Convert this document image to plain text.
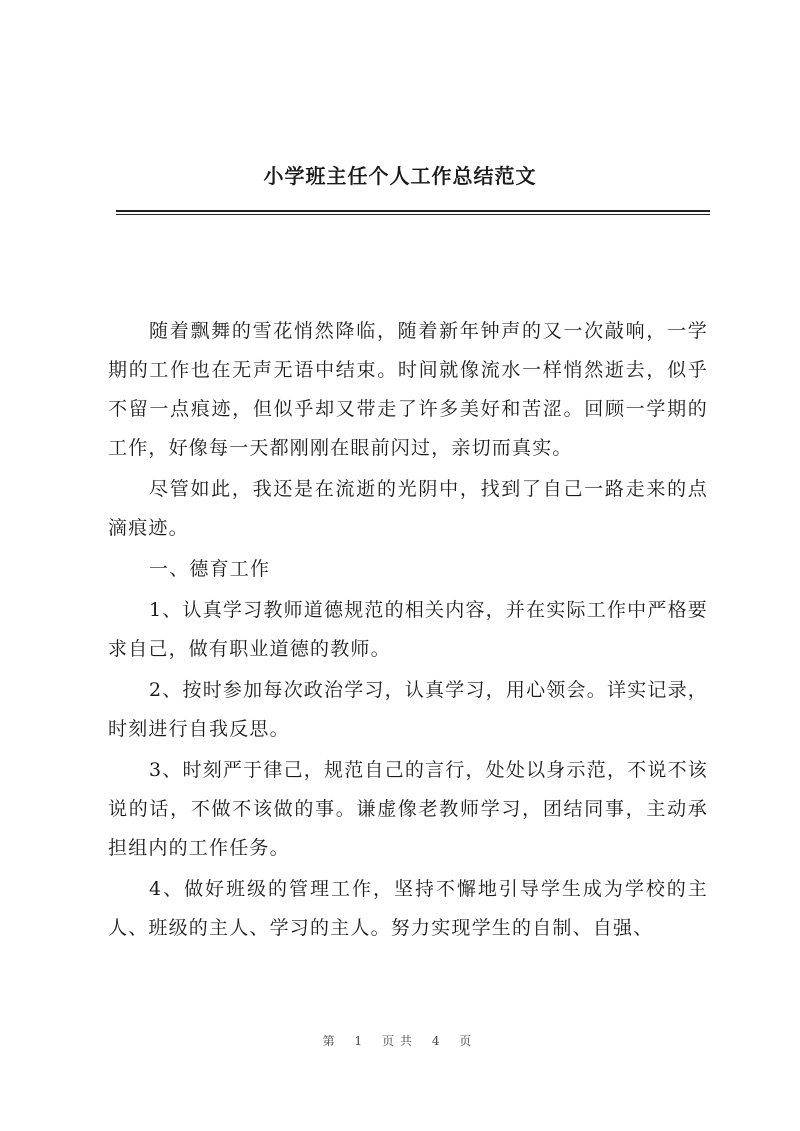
小学班主任个人工作总结范文

随着飘舞的雪花悄然降临，随着新年钟声的又一次敲响，一学期的工作也在无声无语中结束。时间就像流水一样悄然逝去，似乎不留一点痕迹，但似乎却又带走了许多美好和苦涩。回顾一学期的工作，好像每一天都刚刚在眼前闪过，亲切而真实。

尽管如此，我还是在流逝的光阴中，找到了自己一路走来的点滴痕迹。

一、德育工作

1、认真学习教师道德规范的相关内容，并在实际工作中严格要求自己，做有职业道德的教师。

2、按时参加每次政治学习，认真学习，用心领会。详实记录，时刻进行自我反思。

3、时刻严于律己，规范自己的言行，处处以身示范，不说不该说的话，不做不该做的事。谦虚像老教师学习，团结同事，主动承担组内的工作任务。

4、做好班级的管理工作，坚持不懈地引导学生成为学校的主人、班级的主人、学习的主人。努力实现学生的自制、自强、

第 1 页共 4 页
